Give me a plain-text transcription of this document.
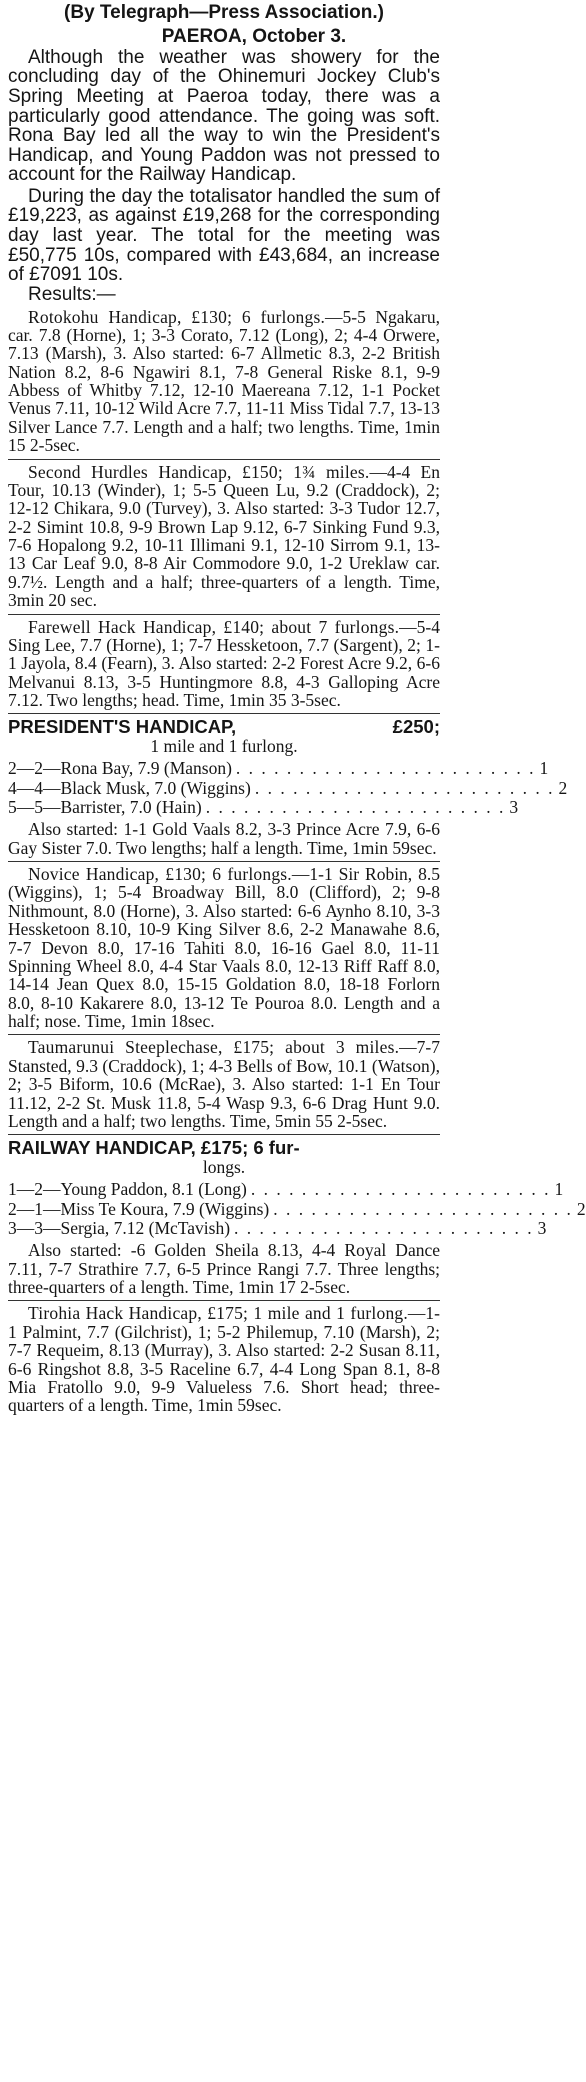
(By Telegraph—Press Association.)
PAEROA, October 3.

Although the weather was showery for the concluding day of the Ohinemuri Jockey Club's Spring Meeting at Paeroa today, there was a particularly good attendance. The going was soft. Rona Bay led all the way to win the President's Handicap, and Young Paddon was not pressed to account for the Railway Handicap.

During the day the totalisator handled the sum of £19,223, as against £19,268 for the corresponding day last year. The total for the meeting was £50,775 10s, compared with £43,684, an increase of £7091 10s.

Results:—

Rotokohu Handicap, £130; 6 furlongs.—5-5 Ngakaru, car. 7.8 (Horne), 1; 3-3 Corato, 7.12 (Long), 2; 4-4 Orwere, 7.13 (Marsh), 3. Also started: 6-7 Allmetic 8.3, 2-2 British Nation 8.2, 8-6 Ngawiri 8.1, 7-8 General Riske 8.1, 9-9 Abbess of Whitby 7.12, 12-10 Maereana 7.12, 1-1 Pocket Venus 7.11, 10-12 Wild Acre 7.7, 11-11 Miss Tidal 7.7, 13-13 Silver Lance 7.7. Length and a half; two lengths. Time, 1min 15 2-5sec.

Second Hurdles Handicap, £150; 1¾ miles.—4-4 En Tour, 10.13 (Winder), 1; 5-5 Queen Lu, 9.2 (Craddock), 2; 12-12 Chikara, 9.0 (Turvey), 3. Also started: 3-3 Tudor 12.7, 2-2 Simint 10.8, 9-9 Brown Lap 9.12, 6-7 Sinking Fund 9.3, 7-6 Hopalong 9.2, 10-11 Illimani 9.1, 12-10 Sirrom 9.1, 13-13 Car Leaf 9.0, 8-8 Air Commodore 9.0, 1-2 Ureklaw car. 9.7½. Length and a half; three-quarters of a length. Time, 3min 20 sec.

Farewell Hack Handicap, £140; about 7 furlongs.—5-4 Sing Lee, 7.7 (Horne), 1; 7-7 Hessketoon, 7.7 (Sargent), 2; 1-1 Jayola, 8.4 (Fearn), 3. Also started: 2-2 Forest Acre 9.2, 6-6 Melvanui 8.13, 3-5 Huntingmore 8.8, 4-3 Galloping Acre 7.12. Two lengths; head. Time, 1min 35 3-5sec.

PRESIDENT'S HANDICAP,	£250;
1 mile and 1 furlong.
2—2—Rona Bay, 7.9 (Manson) . . . . . . . . . . . . . . . . . . . . . . . . 1
4—4—Black Musk, 7.0 (Wiggins) . . . . . . . . . . . . . . . . . . . . . . . . 2
5—5—Barrister, 7.0 (Hain) . . . . . . . . . . . . . . . . . . . . . . . . 3

Also started: 1-1 Gold Vaals 8.2, 3-3 Prince Acre 7.9, 6-6 Gay Sister 7.0. Two lengths; half a length. Time, 1min 59sec.

Novice Handicap, £130; 6 furlongs.—1-1 Sir Robin, 8.5 (Wiggins), 1; 5-4 Broadway Bill, 8.0 (Clifford), 2; 9-8 Nithmount, 8.0 (Horne), 3. Also started: 6-6 Aynho 8.10, 3-3 Hessketoon 8.10, 10-9 King Silver 8.6, 2-2 Manawahe 8.6, 7-7 Devon 8.0, 17-16 Tahiti 8.0, 16-16 Gael 8.0, 11-11 Spinning Wheel 8.0, 4-4 Star Vaals 8.0, 12-13 Riff Raff 8.0, 14-14 Jean Quex 8.0, 15-15 Goldation 8.0, 18-18 Forlorn 8.0, 8-10 Kakarere 8.0, 13-12 Te Pouroa 8.0. Length and a half; nose. Time, 1min 18sec.

Taumarunui Steeplechase, £175; about 3 miles.—7-7 Stansted, 9.3 (Craddock), 1; 4-3 Bells of Bow, 10.1 (Watson), 2; 3-5 Biform, 10.6 (McRae), 3. Also started: 1-1 En Tour 11.12, 2-2 St. Musk 11.8, 5-4 Wasp 9.3, 6-6 Drag Hunt 9.0. Length and a half; two lengths. Time, 5min 55 2-5sec.

RAILWAY HANDICAP, £175; 6 fur-
longs.
1—2—Young Paddon, 8.1 (Long) . . . . . . . . . . . . . . . . . . . . . . . . 1
2—1—Miss Te Koura, 7.9 (Wiggins) . . . . . . . . . . . . . . . . . . . . . . . . 2
3—3—Sergia, 7.12 (McTavish) . . . . . . . . . . . . . . . . . . . . . . . . 3

Also started: -6 Golden Sheila 8.13, 4-4 Royal Dance 7.11, 7-7 Strathire 7.7, 6-5 Prince Rangi 7.7. Three lengths; three-quarters of a length. Time, 1min 17 2-5sec.

Tirohia Hack Handicap, £175; 1 mile and 1 furlong.—1-1 Palmint, 7.7 (Gilchrist), 1; 5-2 Philemup, 7.10 (Marsh), 2; 7-7 Requeim, 8.13 (Murray), 3. Also started: 2-2 Susan 8.11, 6-6 Ringshot 8.8, 3-5 Raceline 6.7, 4-4 Long Span 8.1, 8-8 Mia Fratollo 9.0, 9-9 Valueless 7.6. Short head; three-quarters of a length. Time, 1min 59sec.
